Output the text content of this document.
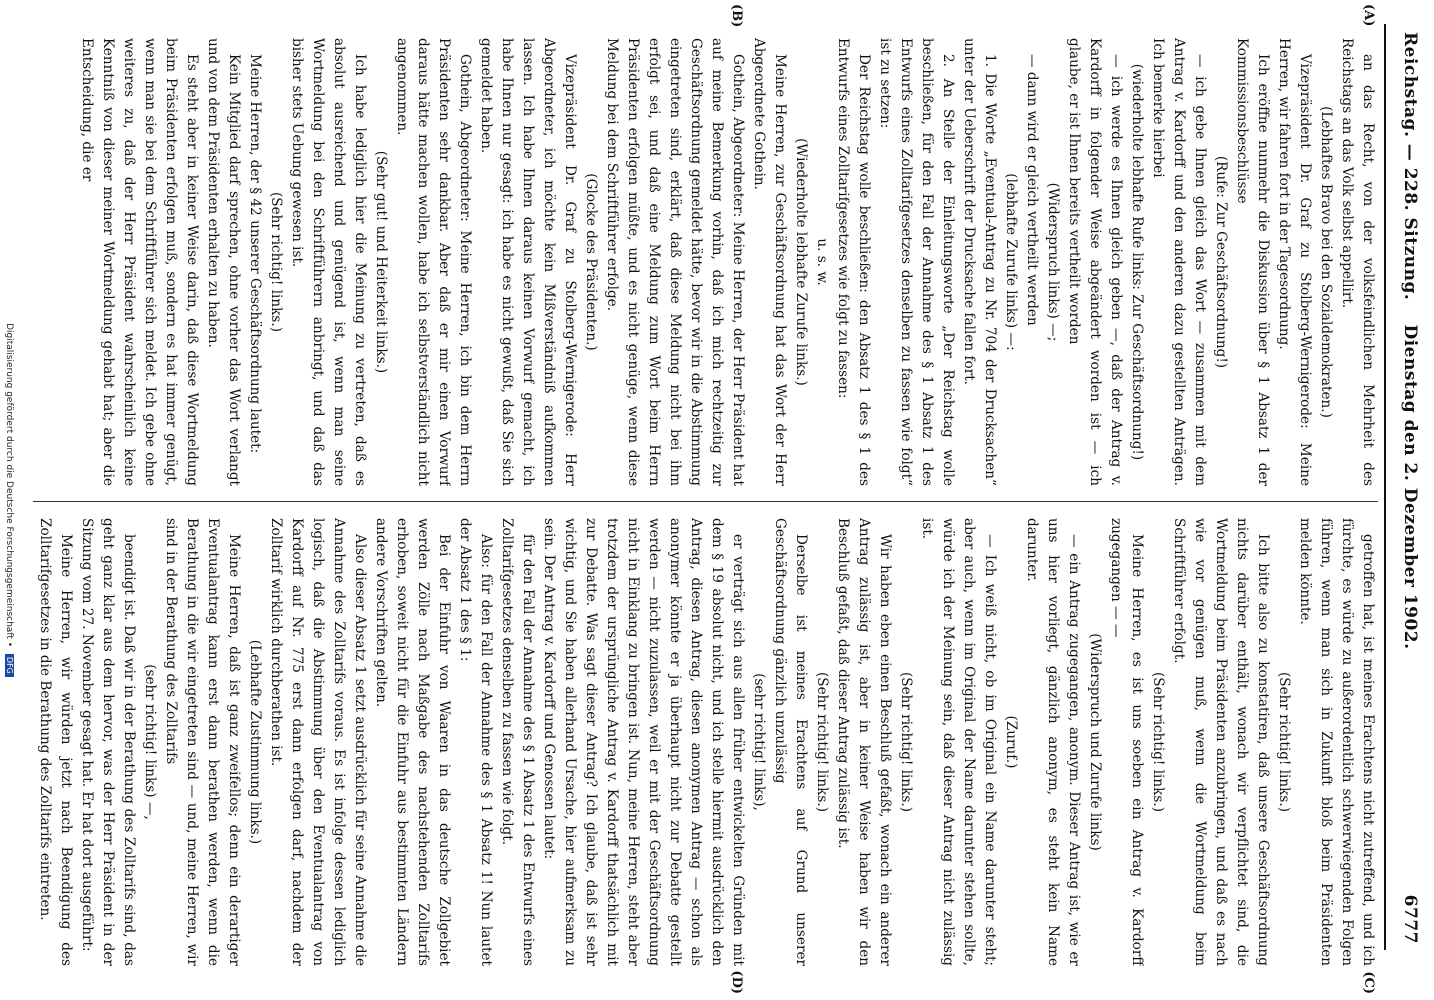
Reichstag. — 228. Sitzung.
Dienstag den 2. Dezember 1902.
6777
(A)
(B)
(C)
(D)

an das Recht, von der volksfeindlichen Mehrheit des Reichstags an das Volk selbst appellirt.

(Lebhaftes Bravo bei den Sozialdemokraten.)

Vizepräsident Dr. Graf zu Stolberg-Wernigerode: Meine Herren, wir fahren fort in der Tagesordnung.

Ich eröffne nunmehr die Diskussion über § 1 Absatz 1 der Kommissionsbeschlüsse

(Rufe: Zur Geschäftsordnung!)

— ich gebe Ihnen gleich das Wort — zusammen mit dem Antrag v. Kardorff und den anderen dazu gestellten Anträgen. Ich bemerke hierbei

(wiederholte lebhafte Rufe links: Zur Geschäftsordnung!)

— ich werde es Ihnen gleich geben —, daß der Antrag v. Kardorff in folgender Weise abgeändert worden ist — ich glaube, er ist Ihnen bereits vertheilt worden

(Widerspruch links) —;

— dann wird er gleich vertheilt werden

(lebhafte Zurufe links) —:

1. Die Worte „Eventual-Antrag zu Nr. 704 der Drucksachen“ unter der Ueberschrift der Drucksache fallen fort.

2. An Stelle der Einleitungsworte „Der Reichstag wolle beschließen, für den Fall der Annahme des § 1 Absatz 1 des Entwurfs eines Zolltarifgesetzes denselben zu fassen wie folgt“ ist zu setzen:

Der Reichstag wolle beschließen: den Absatz 1 des § 1 des Entwurfs eines Zolltarifgesetzes wie folgt zu fassen:

u. s. w.

(Wiederholte lebhafte Zurufe links.)

Meine Herren, zur Geschäftsordnung hat das Wort der Herr Abgeordnete Gothein.

Gothein, Abgeordneter: Meine Herren, der Herr Präsident hat auf meine Bemerkung vorhin, daß ich mich rechtzeitig zur Geschäftsordnung gemeldet hätte, bevor wir in die Abstimmung eingetreten sind, erklärt, daß diese Meldung nicht bei ihm erfolgt sei, und daß eine Meldung zum Wort beim Herrn Präsidenten erfolgen müßte, und es nicht genüge, wenn diese Meldung bei dem Schriftführer erfolge.

(Glocke des Präsidenten.)

Vizepräsident Dr. Graf zu Stolberg-Wernigerode: Herr Abgeordneter, ich möchte kein Mißverständniß aufkommen lassen. Ich habe Ihnen daraus keinen Vorwurf gemacht, ich habe Ihnen nur gesagt: ich habe es nicht gewußt, daß Sie sich gemeldet haben.

Gothein, Abgeordneter: Meine Herren, ich bin dem Herrn Präsidenten sehr dankbar. Aber daß er mir einen Vorwurf daraus hätte machen wollen, habe ich selbstverständlich nicht angenommen.

(Sehr gut! und Heiterkeit links.)

Ich habe lediglich hier die Meinung zu vertreten, daß es absolut ausreichend und genügend ist, wenn man seine Wortmeldung bei den Schriftführern anbringt, und daß das bisher stets Uebung gewesen ist.

(Sehr richtig! links.)

Meine Herren, der § 42 unserer Geschäftsordnung lautet:

Kein Mitglied darf sprechen, ohne vorher das Wort verlangt und von dem Präsidenten erhalten zu haben.

Es steht aber in keiner Weise darin, daß diese Wortmeldung beim Präsidenten erfolgen muß, sondern es hat immer genügt, wenn man sie bei dem Schriftführer sich meldet. Ich gebe ohne weiteres zu, daß der Herr Präsident wahrscheinlich keine Kenntniß von dieser meiner Wortmeldung gehabt hat; aber die Entscheidung, die er

getroffen hat, ist meines Erachtens nicht zutreffend, und ich fürchte, es würde zu außerordentlich schwerwiegenden Folgen führen, wenn man sich in Zukunft bloß beim Präsidenten melden könnte.

(Sehr richtig! links.)

Ich bitte also zu konstatiren, daß unsere Geschäftsordnung nichts darüber enthält, wonach wir verpflichtet sind, die Wortmeldung beim Präsidenten anzubringen, und daß es nach wie vor genügen muß, wenn die Wortmeldung beim Schriftführer erfolgt.

(Sehr richtig! links.)

Meine Herren, es ist uns soeben ein Antrag v. Kardorff zugegangen — —

(Widerspruch und Zurufe links)

— ein Antrag zugegangen, anonym. Dieser Antrag ist, wie er uns hier vorliegt, gänzlich anonym, es steht kein Name darunter.

(Zuruf.)

— Ich weiß nicht, ob im Original ein Name darunter steht; aber auch, wenn im Original der Name darunter stehen sollte, würde ich der Meinung sein, daß dieser Antrag nicht zulässig ist.

(Sehr richtig! links.)

Wir haben eben einen Beschluß gefaßt, wonach ein anderer Antrag zulässig ist, aber in keiner Weise haben wir den Beschluß gefaßt, daß dieser Antrag zulässig ist.

(Sehr richtig! links.)

Derselbe ist meines Erachtens auf Grund unserer Geschäftsordnung gänzlich unzulässig

(sehr richtig! links),

er verträgt sich aus allen früher entwickelten Gründen mit dem § 19 absolut nicht, und ich stelle hiermit ausdrücklich den Antrag, diesen Antrag, diesen anonymen Antrag — schon als anonymer könnte er ja überhaupt nicht zur Debatte gestellt werden — nicht zuzulassen, weil er mit der Geschäftsordnung nicht in Einklang zu bringen ist. Nun, meine Herren, steht aber trotzdem der ursprüngliche Antrag v. Kardorff thatsächlich mit zur Debatte. Was sagt dieser Antrag? Ich glaube, daß ist sehr wichtig, und Sie haben allerhand Ursache, hier aufmerksam zu sein. Der Antrag v. Kardorff und Genossen lautet:

für den Fall der Annahme des § 1 Absatz 1 des Entwurfs eines Zolltarifgesetzes denselben zu fassen wie folgt.

Also: für den Fall der Annahme des § 1 Absatz 1! Nun lautet der Absatz 1 des § 1:

Bei der Einfuhr von Waaren in das deutsche Zollgebiet werden Zölle nach Maßgabe des nachstehenden Zolltarifs erhoben, soweit nicht für die Einfuhr aus bestimmten Ländern andere Vorschriften gelten.

Also dieser Absatz 1 setzt ausdrücklich für seine Annahme die Annahme des Zolltarifs voraus. Es ist infolge dessen lediglich logisch, daß die Abstimmung über den Eventualantrag von Kardorff auf Nr. 775 erst dann erfolgen darf, nachdem der Zolltarif wirklich durchberathen ist.

(Lebhafte Zustimmung links.)

Meine Herren, daß ist ganz zweifellos; denn ein derartiger Eventualantrag kann erst dann berathen werden, wenn die Berathung in die wir eingetreten sind — und, meine Herren, wir sind in der Berathung des Zolltarifs

(sehr richtig! links) —,

beendigt ist. Daß wir in der Berathung des Zolltarifs sind, das geht ganz klar aus dem hervor, was der Herr Präsident in der Sitzung vom 27. November gesagt hat. Er hat dort ausgeführt:

Meine Herren, wir würden jetzt nach Beendigung des Zolltarifgesetzes in die Berathung des Zolltarifs eintreten.

Digitalisierung gefördert durch die Deutsche Forschungsgemeinschaft • DFG
